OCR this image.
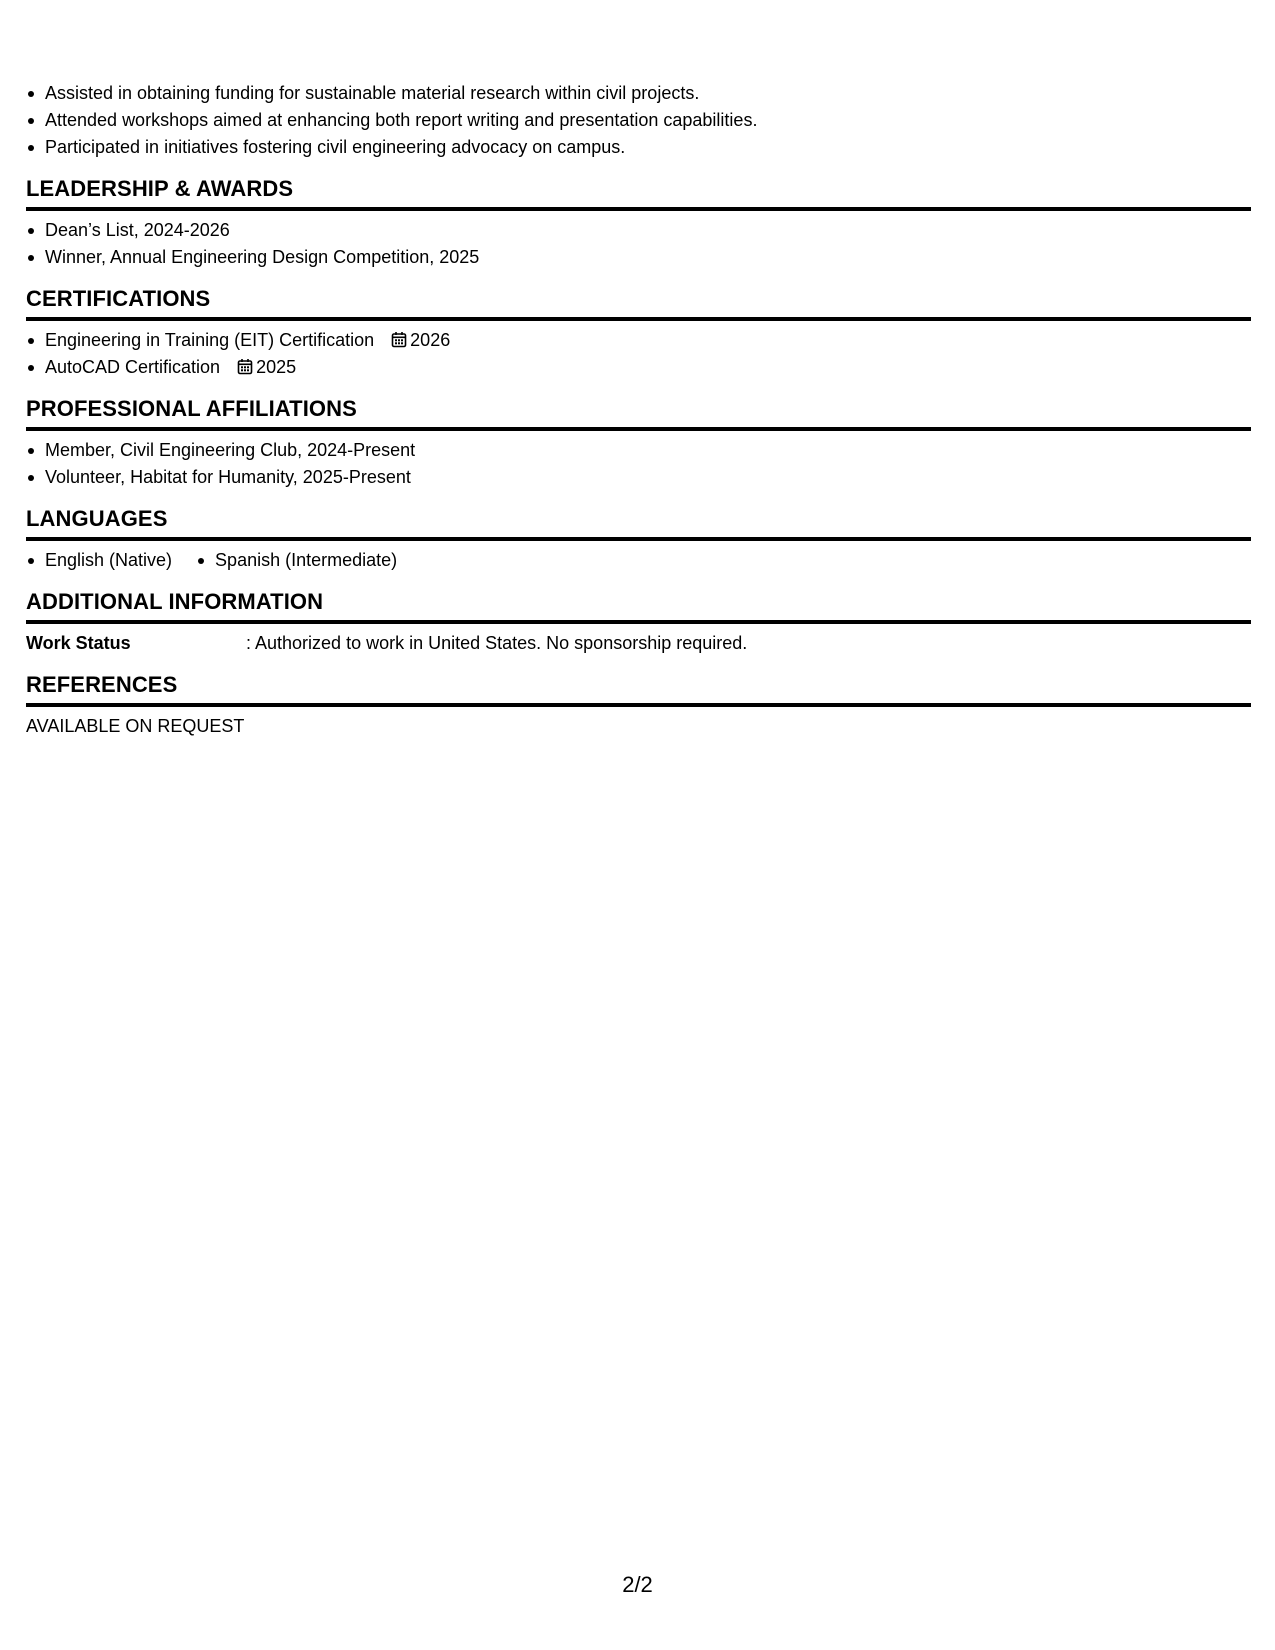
Assisted in obtaining funding for sustainable material research within civil projects.
Attended workshops aimed at enhancing both report writing and presentation capabilities.
Participated in initiatives fostering civil engineering advocacy on campus.
LEADERSHIP & AWARDS
Dean’s List, 2024-2026
Winner, Annual Engineering Design Competition, 2025
CERTIFICATIONS
Engineering in Training (EIT) Certification 2026
AutoCAD Certification 2025
PROFESSIONAL AFFILIATIONS
Member, Civil Engineering Club, 2024-Present
Volunteer, Habitat for Humanity, 2025-Present
LANGUAGES
English (Native)	Spanish (Intermediate)
ADDITIONAL INFORMATION
Work Status	: Authorized to work in United States. No sponsorship required.
REFERENCES
AVAILABLE ON REQUEST
2/2
